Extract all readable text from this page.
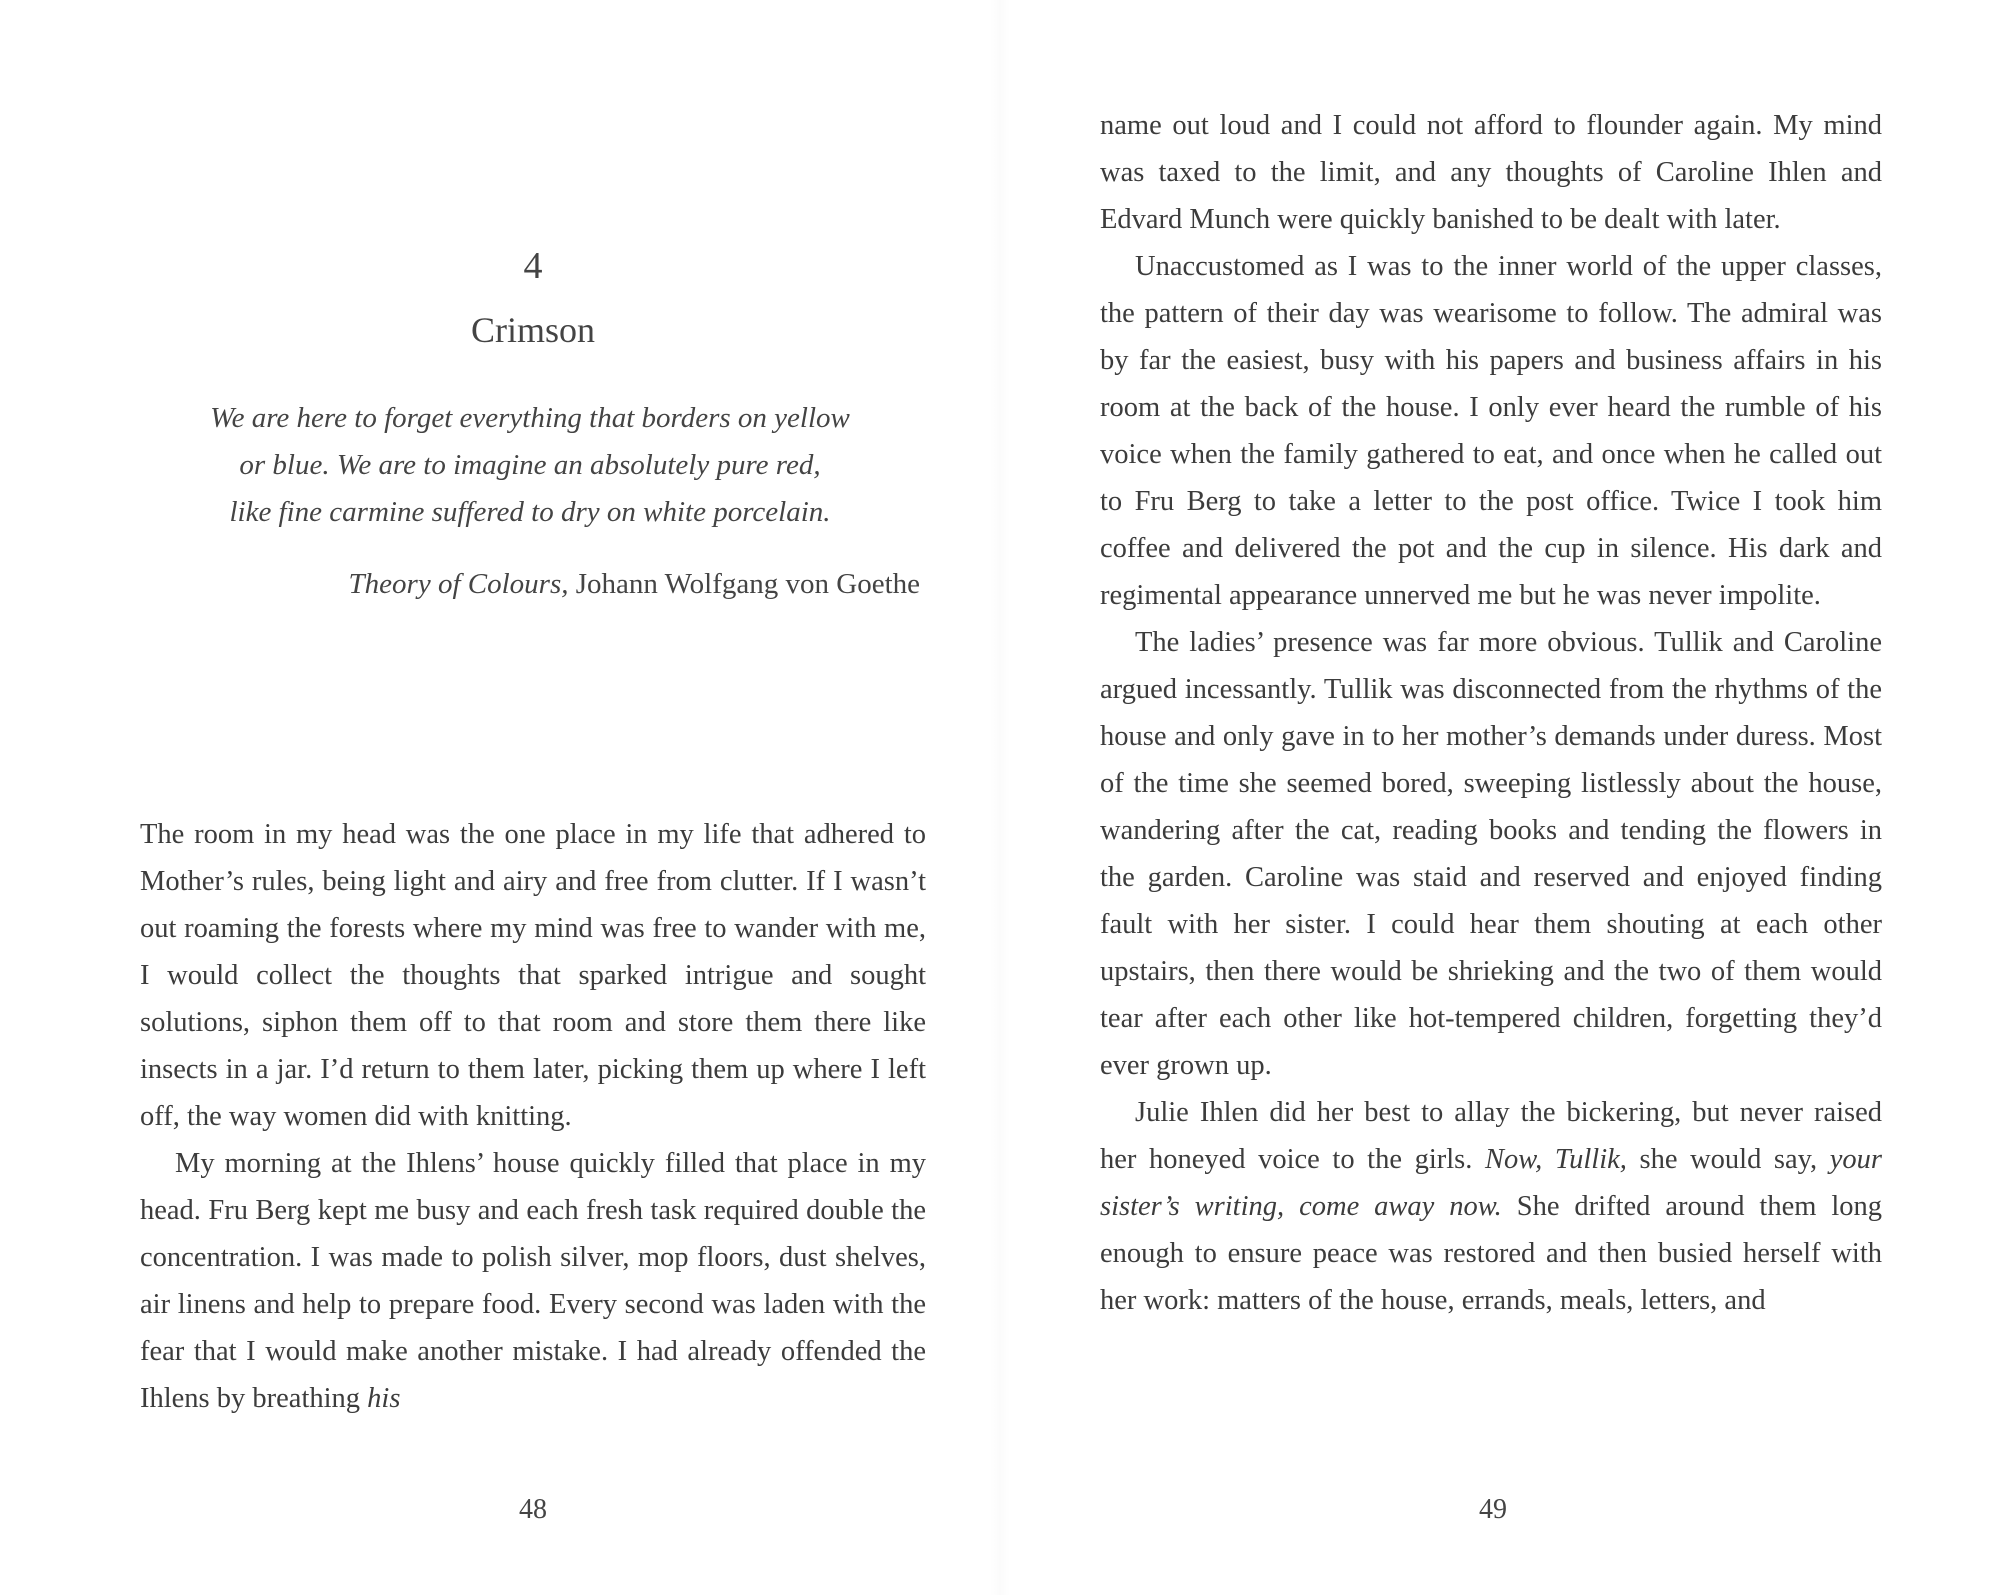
4
Crimson
We are here to forget everything that borders on yellow
or blue. We are to imagine an absolutely pure red,
like fine carmine suffered to dry on white porcelain.
Theory of Colours, Johann Wolfgang von Goethe

The room in my head was the one place in my life that adhered to Mother’s rules, being light and airy and free from clutter. If I wasn’t out roaming the forests where my mind was free to wander with me, I would collect the thoughts that sparked intrigue and sought solutions, siphon them off to that room and store them there like insects in a jar. I’d return to them later, picking them up where I left off, the way women did with knitting.

My morning at the Ihlens’ house quickly filled that place in my head. Fru Berg kept me busy and each fresh task required double the concentration. I was made to polish silver, mop floors, dust shelves, air linens and help to prepare food. Every second was laden with the fear that I would make another mistake. I had already offended the Ihlens by breathing his

48

name out loud and I could not afford to flounder again. My mind was taxed to the limit, and any thoughts of Caroline Ihlen and Edvard Munch were quickly banished to be dealt with later.

Unaccustomed as I was to the inner world of the upper classes, the pattern of their day was wearisome to follow. The admiral was by far the easiest, busy with his papers and business affairs in his room at the back of the house. I only ever heard the rumble of his voice when the family gathered to eat, and once when he called out to Fru Berg to take a letter to the post office. Twice I took him coffee and delivered the pot and the cup in silence. His dark and regimental appearance unnerved me but he was never impolite.

The ladies’ presence was far more obvious. Tullik and Caroline argued incessantly. Tullik was disconnected from the rhythms of the house and only gave in to her mother’s demands under duress. Most of the time she seemed bored, sweeping listlessly about the house, wandering after the cat, reading books and tending the flowers in the garden. Caroline was staid and reserved and enjoyed finding fault with her sister. I could hear them shouting at each other upstairs, then there would be shrieking and the two of them would tear after each other like hot-tempered children, forgetting they’d ever grown up.

Julie Ihlen did her best to allay the bickering, but never raised her honeyed voice to the girls. Now, Tullik, she would say, your sister’s writing, come away now. She drifted around them long enough to ensure peace was restored and then busied herself with her work: matters of the house, errands, meals, letters, and

49
